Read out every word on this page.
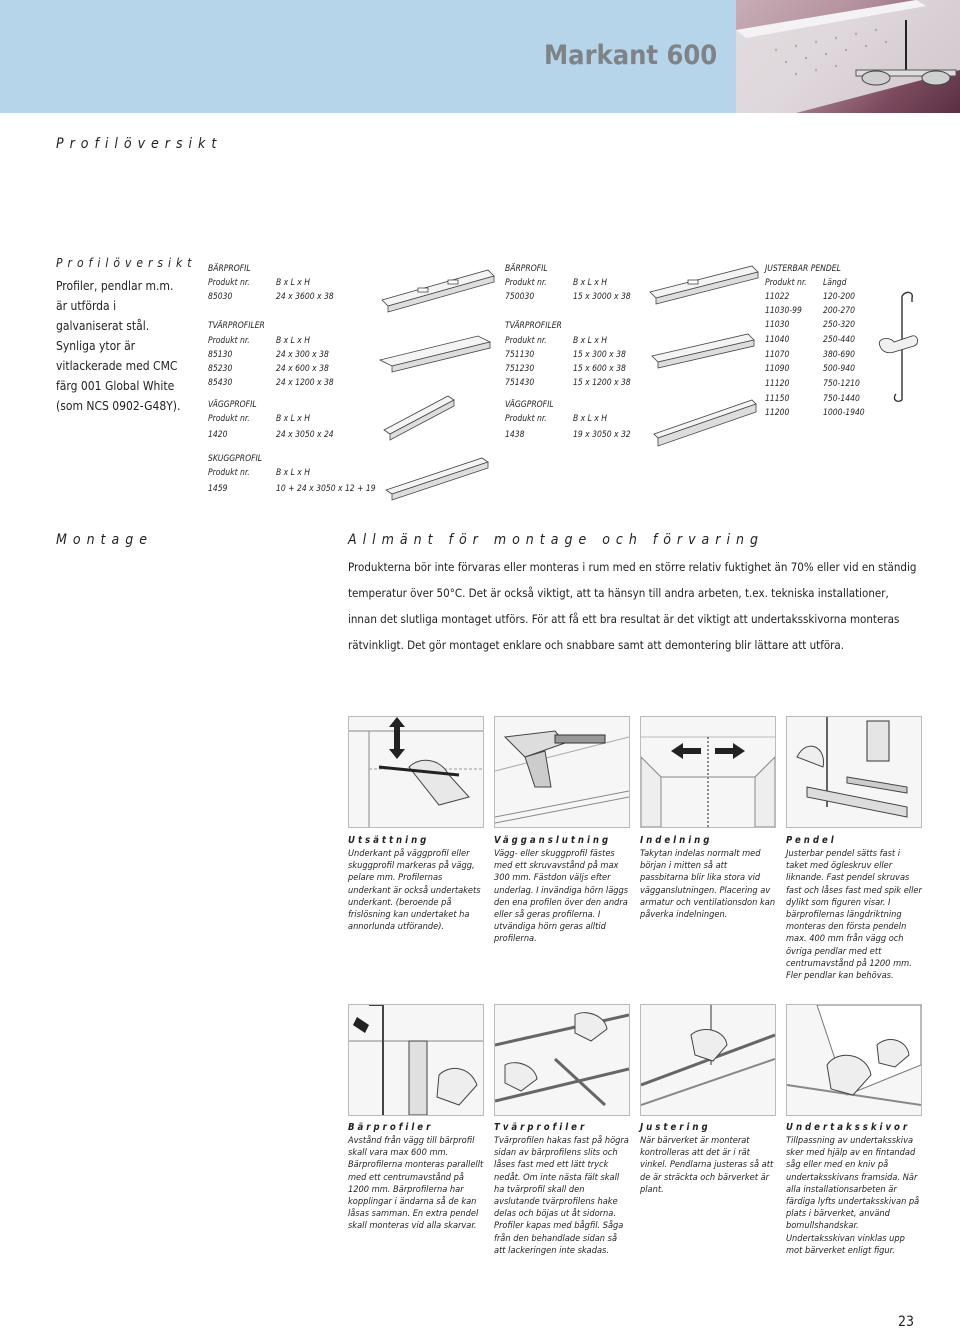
Markant 600
Profilöversikt
Profilöversikt
Profiler, pendlar m.m. är utförda i galvaniserat stål. Synliga ytor är vitlackerade med CMC färg 001 Global White (som NCS 0902-G48Y).
BÄRPROFIL
Produkt nr.	B x L x H
85030	24 x 3600 x 38
TVÄRPROFILER
Produkt nr.	B x L x H
85130	24 x 300 x 38
85230	24 x 600 x 38
85430	24 x 1200 x 38
VÄGGPROFIL
Produkt nr.	B x L x H
1420	24 x 3050 x 24
SKUGGPROFIL
Produkt nr.	B x L x H
1459	10 + 24 x 3050 x 12 + 19
BÄRPROFIL
Produkt nr.	B x L x H
750030	15 x 3000 x 38
TVÄRPROFILER
Produkt nr.	B x L x H
751130	15 x 300 x 38
751230	15 x 600 x 38
751430	15 x 1200 x 38
VÄGGPROFIL
Produkt nr.	B x L x H
1438	19 x 3050 x 32
JUSTERBAR PENDEL
Produkt nr. Längd
11022	120-200
11030-99 200-270
11030	250-320
11040	250-440
11070	380-690
11090	500-940
11120	750-1210
11150	750-1440
11200	1000-1940
Montage	Allmänt för montage och förvaring
Produkterna bör inte förvaras eller monteras i rum med en större relativ fuktighet än 70% eller vid en ständig temperatur över 50°C. Det är också viktigt, att ta hänsyn till andra arbeten, t.ex. tekniska installationer, innan det slutliga montaget utförs. För att få ett bra resultat är det viktigt att undertaksskivorna monteras rätvinkligt. Det gör montaget enklare och snabbare samt att demontering blir lättare att utföra.
Utsättning
Underkant på väggprofil eller skuggprofil markeras på vägg, pelare mm. Profilernas underkant är också undertakets underkant. (beroende på frislösning kan undertaket ha annorlunda utförande).
Vägganslutning
Vägg- eller skuggprofil fästes med ett skruvavstånd på max 300 mm. Fästdon väljs efter underlag. I invändiga hörn läggs den ena profilen över den andra eller så geras profilerna. I utvändiga hörn geras alltid profilerna.
Indelning
Takytan indelas normalt med början i mitten så att passbitarna blir lika stora vid vägganslutningen. Placering av armatur och ventilationsdon kan påverka indelningen.
Pendel
Justerbar pendel sätts fast i taket med ögleskruv eller liknande. Fast pendel skruvas fast och låses fast med spik eller dylikt som figuren visar. I bärprofilernas längdriktning monteras den första pendeln max. 400 mm från vägg och övriga pendlar med ett centrumavstånd på 1200 mm. Fler pendlar kan behövas.
Bärprofiler
Avstånd från vägg till bärprofil skall vara max 600 mm. Bärprofilerna monteras parallellt med ett centrumavstånd på 1200 mm. Bärprofilerna har kopplingar i ändarna så de kan låsas samman. En extra pendel skall monteras vid alla skarvar.
Tvärprofiler
Tvärprofilen hakas fast på högra sidan av bärprofilens slits och låses fast med ett lätt tryck nedåt. Om inte nästa fält skall ha tvärprofil skall den avslutande tvärprofilens hake delas och böjas ut åt sidorna. Profiler kapas med bågfil. Såga från den behandlade sidan så att lackeringen inte skadas.
Justering
När bärverket är monterat kontrolleras att det är i rät vinkel. Pendlarna justeras så att de är sträckta och bärverket är plant.
Undertaksskivor
Tillpassning av undertaksskiva sker med hjälp av en fintandad såg eller med en kniv på undertaksskivans framsida. När alla installationsarbeten är färdiga lyfts undertaksskivan på plats i bärverket, använd bomullshandskar. Undertaksskivan vinklas upp mot bärverket enligt figur.
23
